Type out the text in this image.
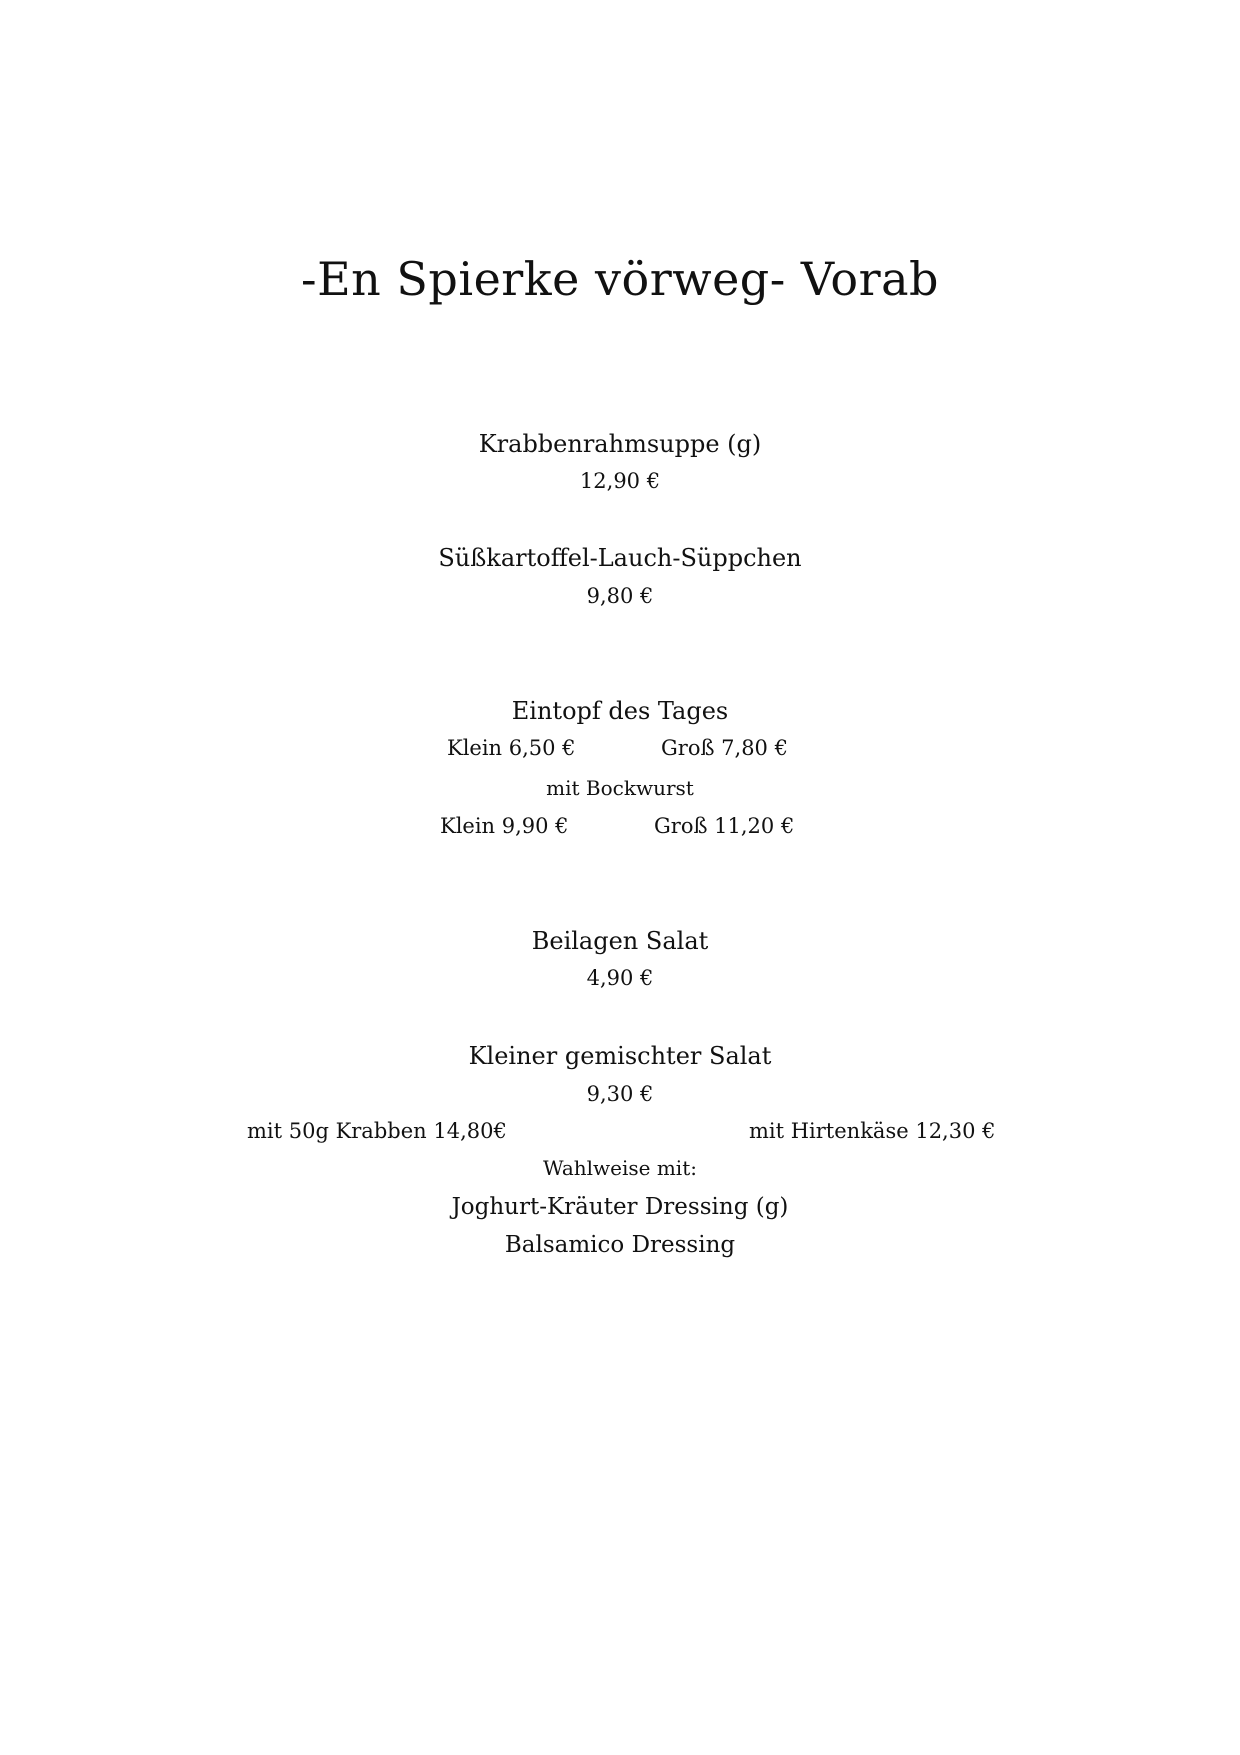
-En Spierke vörweg- Vorab
Krabbenrahmsuppe (g)
12,90 €
Süßkartoffel-Lauch-Süppchen
9,80 €
Eintopf des Tages
Klein 6,50 €	Groß 7,80 €
mit Bockwurst
Klein 9,90 €	Groß 11,20 €
Beilagen Salat
4,90 €
Kleiner gemischter Salat
9,30 €
mit 50g Krabben 14,80€	mit Hirtenkäse 12,30 €
Wahlweise mit:
Joghurt-Kräuter Dressing (g)
Balsamico Dressing
